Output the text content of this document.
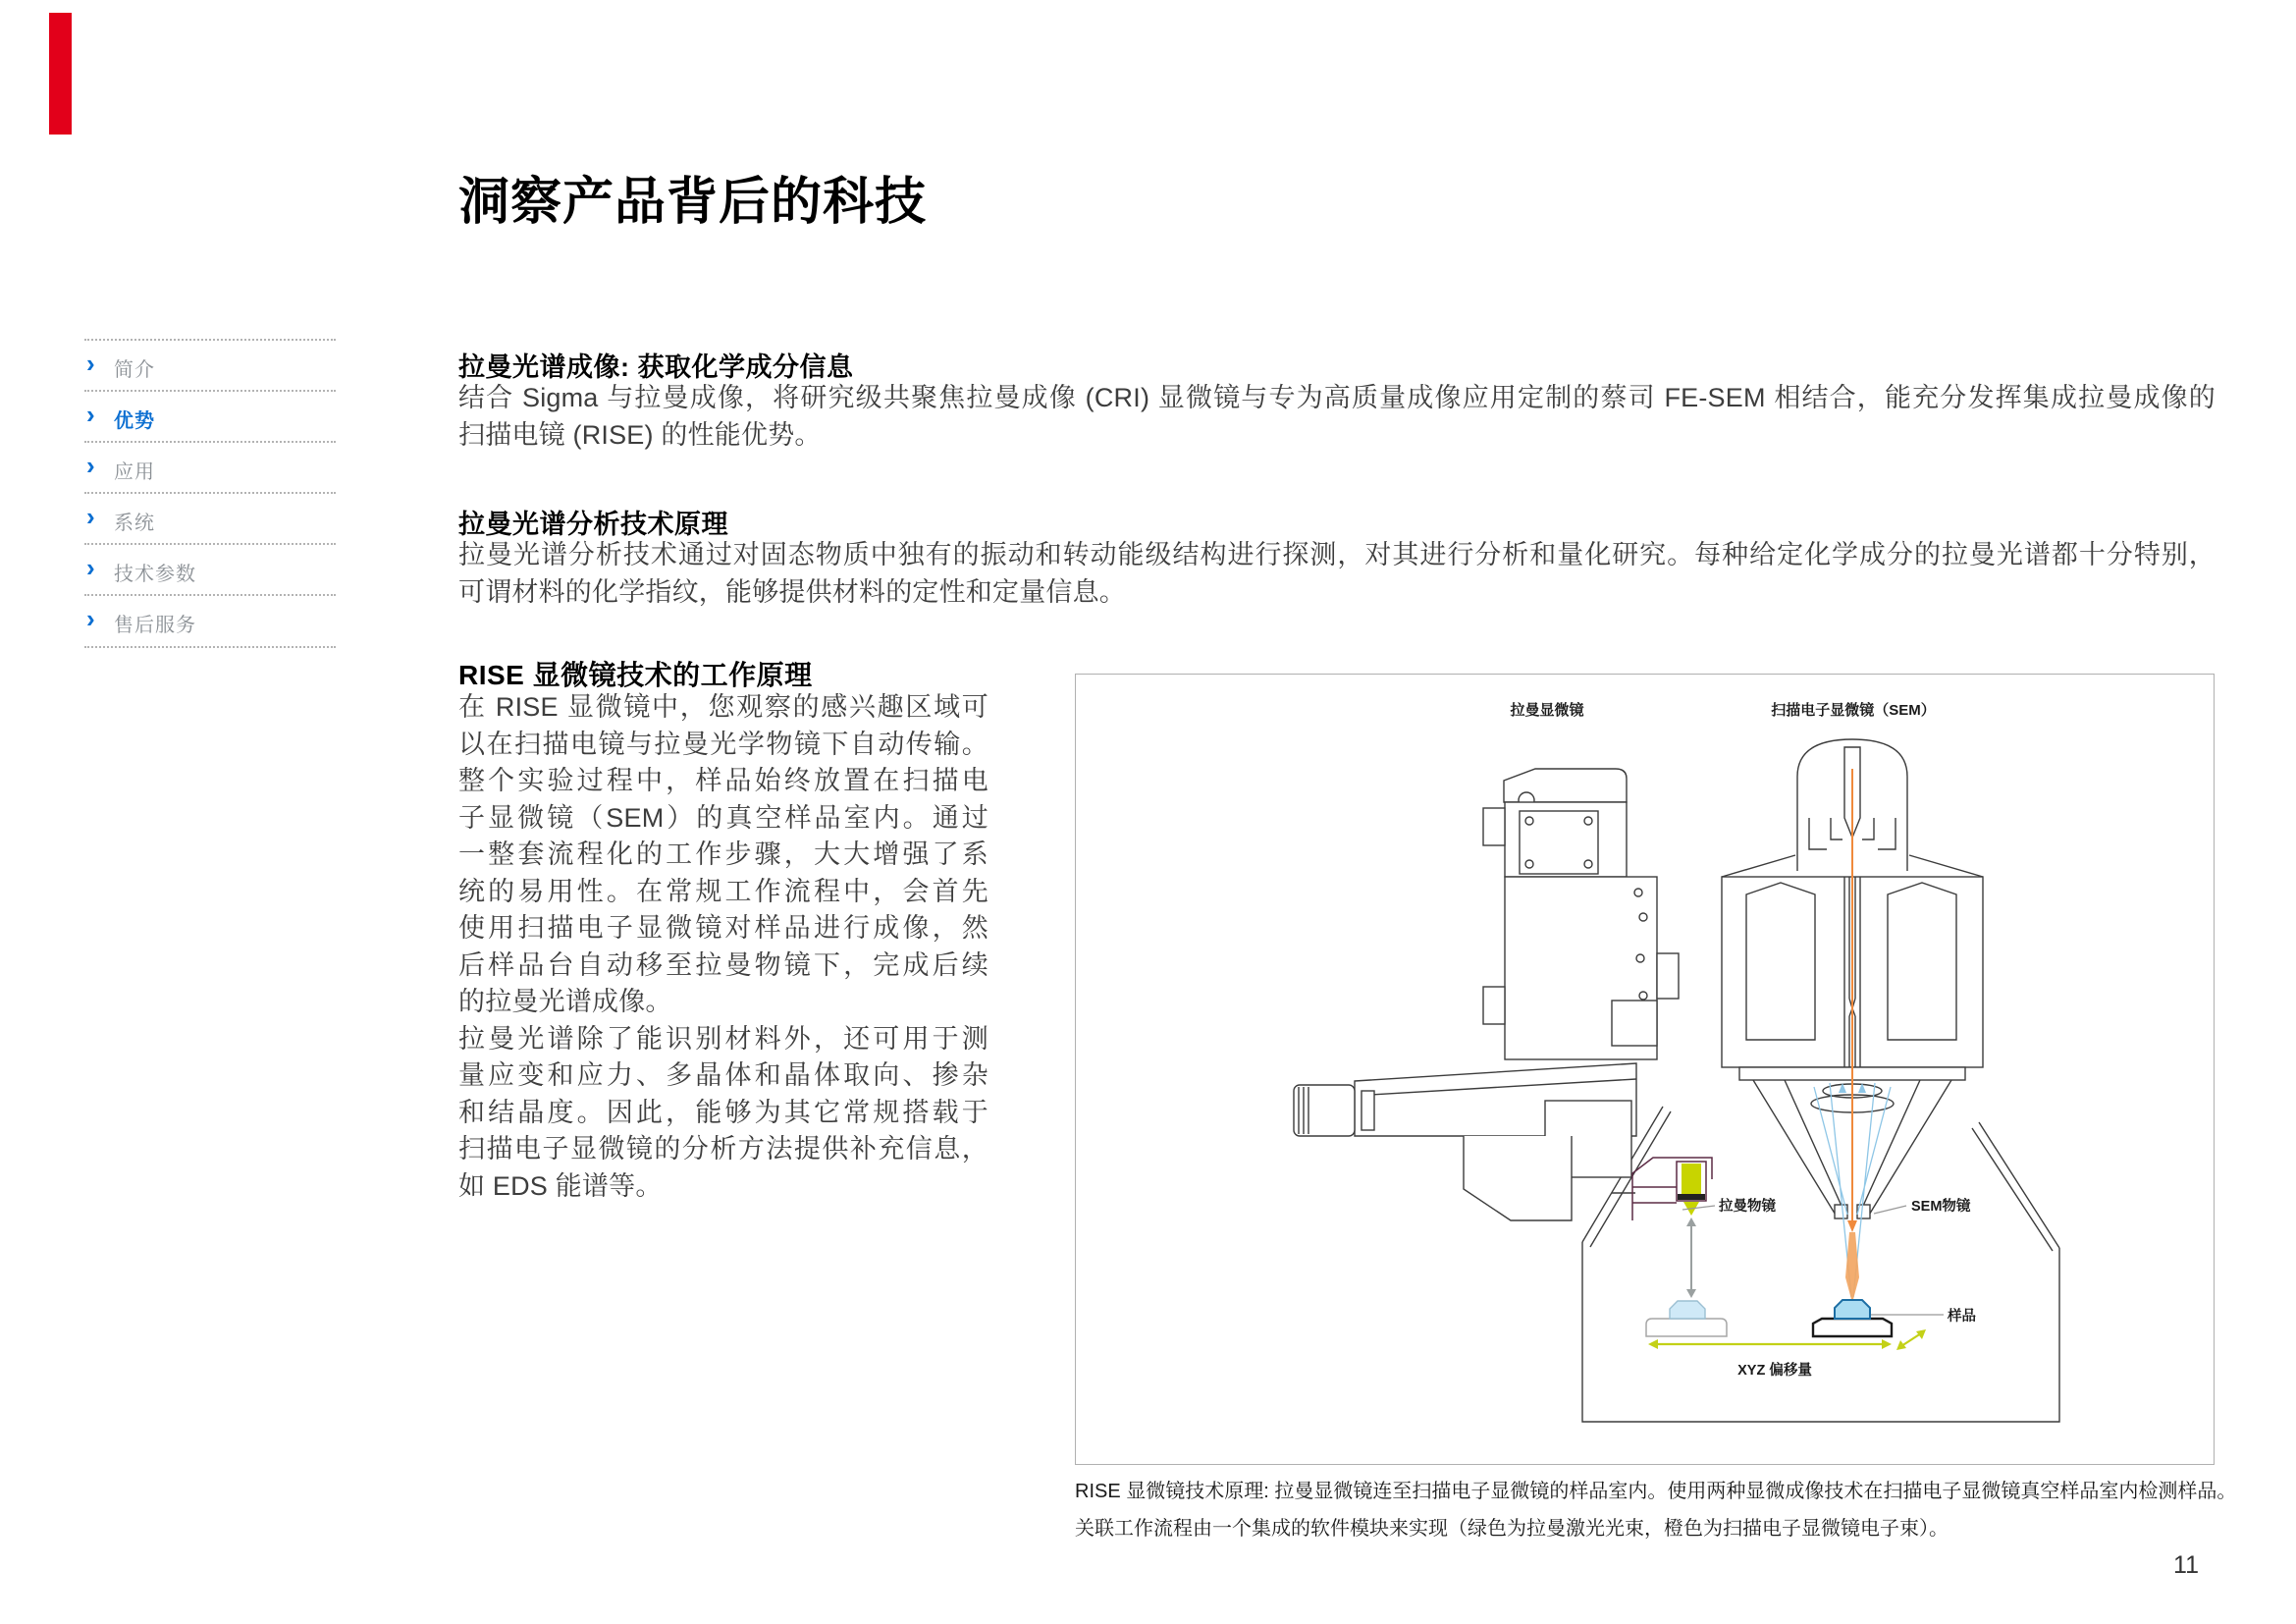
洞察产品背后的科技
› 简介
› 优势
› 应用
› 系统
› 技术参数
› 售后服务
拉曼光谱成像: 获取化学成分信息
结合 Sigma 与拉曼成像，将研究级共聚焦拉曼成像 (CRI) 显微镜与专为高质量成像应用定制的蔡司 FE-SEM 相结合，能充分发挥集成拉曼成像的
扫描电镜 (RISE) 的性能优势。
拉曼光谱分析技术原理
拉曼光谱分析技术通过对固态物质中独有的振动和转动能级结构进行探测，对其进行分析和量化研究。每种给定化学成分的拉曼光谱都十分特别，
可谓材料的化学指纹，能够提供材料的定性和定量信息。
RISE 显微镜技术的工作原理
在 RISE 显微镜中，您观察的感兴趣区域可
以在扫描电镜与拉曼光学物镜下自动传输。
整个实验过程中，样品始终放置在扫描电
子显微镜（SEM）的真空样品室内。通过
一整套流程化的工作步骤，大大增强了系
统的易用性。在常规工作流程中，会首先
使用扫描电子显微镜对样品进行成像，然
后样品台自动移至拉曼物镜下，完成后续
的拉曼光谱成像。
拉曼光谱除了能识别材料外，还可用于测
量应变和应力、多晶体和晶体取向、掺杂
和结晶度。因此，能够为其它常规搭载于
扫描电子显微镜的分析方法提供补充信息，
如 EDS 能谱等。
拉曼显微镜	扫描电子显微镜（SEM）
拉曼物镜	SEM物镜
样品
XYZ 偏移量
RISE 显微镜技术原理: 拉曼显微镜连至扫描电子显微镜的样品室内。使用两种显微成像技术在扫描电子显微镜真空样品室内检测样品。
关联工作流程由一个集成的软件模块来实现（绿色为拉曼激光光束，橙色为扫描电子显微镜电子束）。
11
